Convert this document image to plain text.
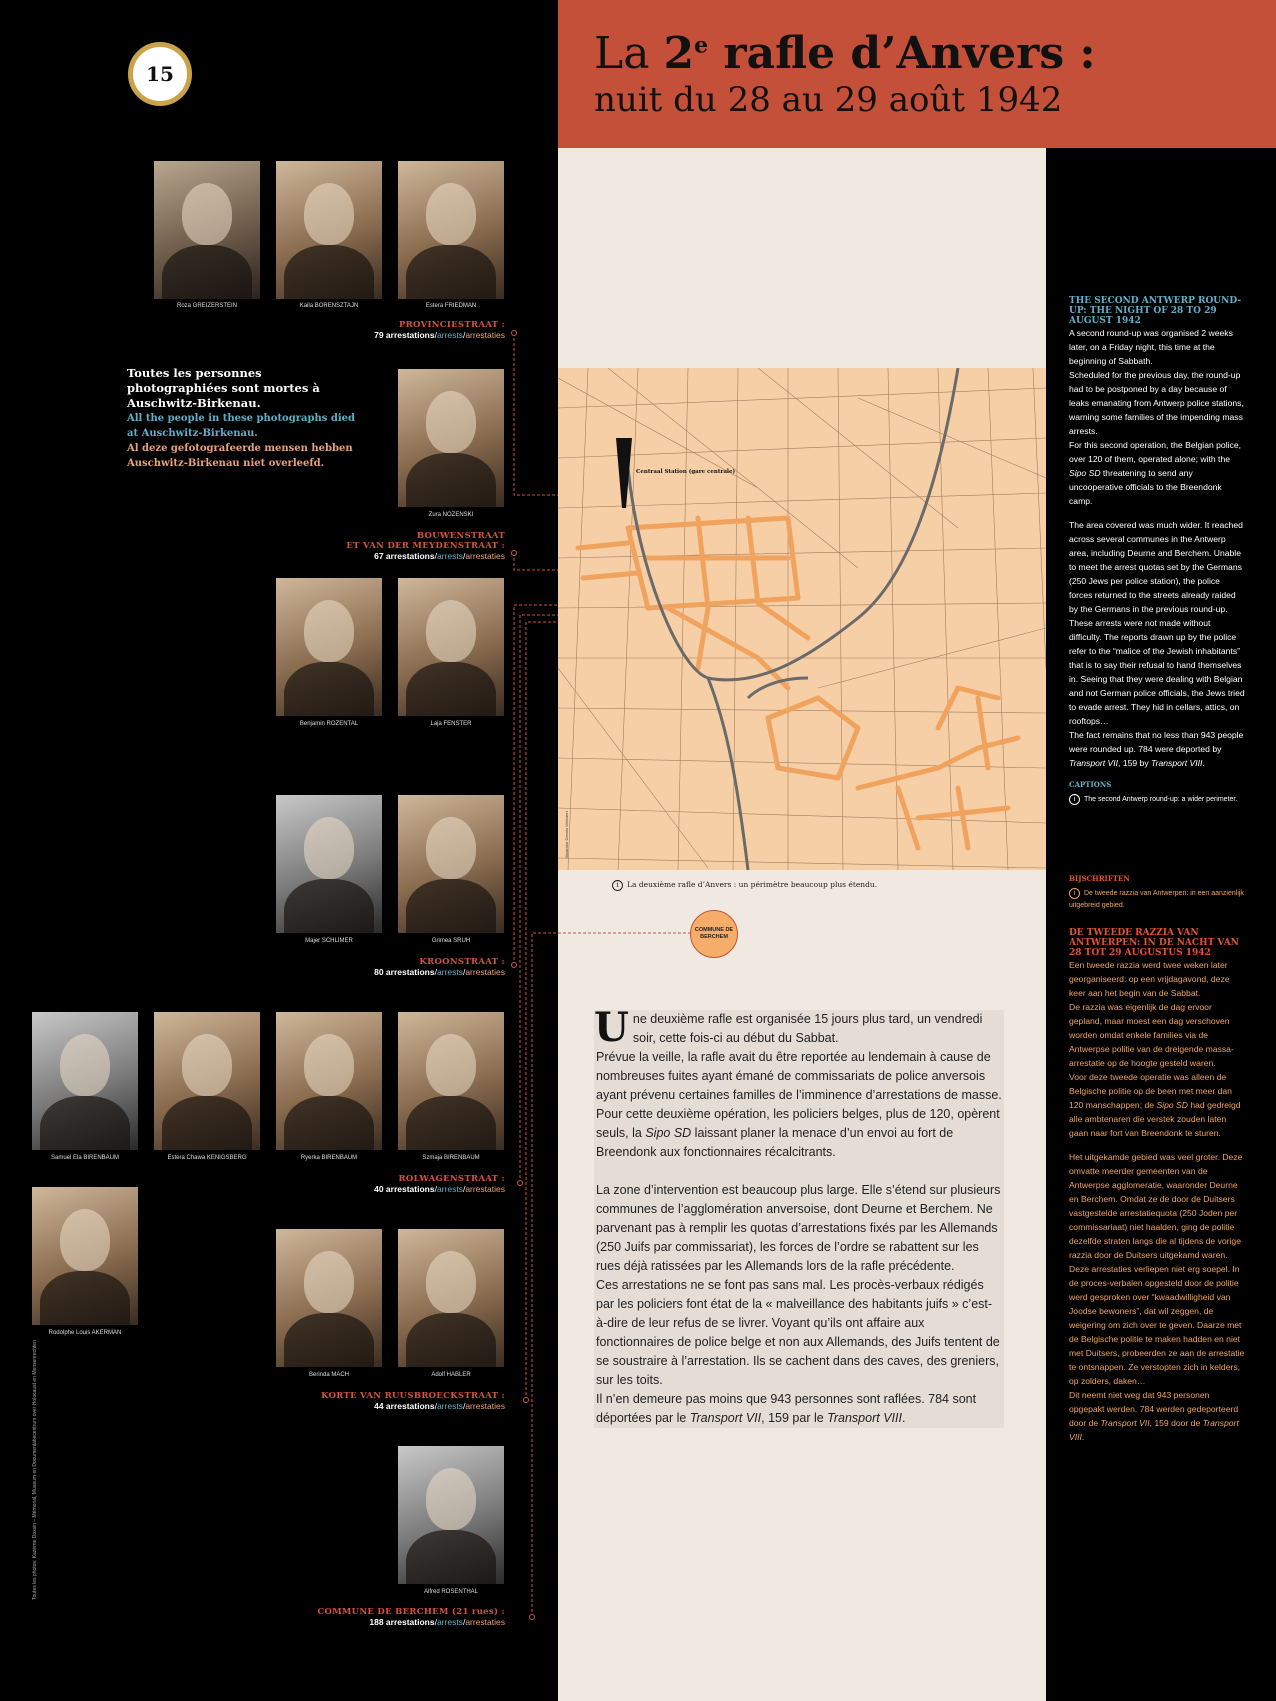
La 2e rafle d’Anvers :
nuit du 28 au 29 août 1942
15
Toutes les personnes photographiées sont mortes à Auschwitz-Birkenau.
All the people in these photographs died at Auschwitz-Birkenau.
Al deze gefotografeerde mensen hebben Auschwitz-Birkenau niet overleefd.
Roza GREIZERSTEIN	Kaila BORENSZTAJN	Estera FRIEDMAN
Zura NOZENSKI
Benjamin ROZENTAL	Laja FENSTER
Majer SCHLIMER	Grimea SRUH
Samuel Ela BIRENBAUM	Estera Chawa KENIGSBERG	Ryerka BIRENBAUM	Szmaja BIRENBAUM
Rodolphe Louis AKERMAN
Berinda MACH	Adolf HABLER
Alfred ROSENTHAL
PROVINCIESTRAAT :
79 arrestations/arrests/arrestaties
BOUWENSTRAAT
ET VAN DER MEYDENSTRAAT :
67 arrestations/arrests/arrestaties
KROONSTRAAT :
80 arrestations/arrests/arrestaties
ROLWAGENSTRAAT :
40 arrestations/arrests/arrestaties
KORTE VAN RUUSBROECKSTRAAT :
44 arrestations/arrests/arrestaties
COMMUNE DE BERCHEM (21 rues) :
188 arrestations/arrests/arrestaties
Centraal Station (gare centrale)
Illustrator Dennis Welvaert
i La deuxième rafle d’Anvers : un périmètre beaucoup plus étendu.
COMMUNE DE BERCHEM
U ne deuxième rafle est organisée 15 jours plus tard, un vendredi soir, cette fois-ci au début du Sabbat.

Prévue la veille, la rafle avait du être reportée au lendemain à cause de nombreuses fuites ayant émané de commissariats de police anversois ayant prévenu certaines familles de l’imminence d’arrestations de masse.

Pour cette deuxième opération, les policiers belges, plus de 120, opèrent seuls, la Sipo SD laissant planer la menace d’un envoi au fort de Breendonk aux fonctionnaires récalcitrants.

La zone d’intervention est beaucoup plus large. Elle s’étend sur plusieurs communes de l’agglomération anversoise, dont Deurne et Berchem. Ne parvenant pas à remplir les quotas d’arrestations fixés par les Allemands (250 Juifs par commissariat), les forces de l’ordre se rabattent sur les rues déjà ratissées par les Allemands lors de la rafle précédente.

Ces arrestations ne se font pas sans mal. Les procès-verbaux rédigés par les policiers font état de la « malveillance des habitants juifs » c’est-à-dire de leur refus de se livrer. Voyant qu’ils ont affaire aux fonctionnaires de police belge et non aux Allemands, des Juifs tentent de se soustraire à l’arrestation. Ils se cachent dans des caves, des greniers, sur les toits.

Il n’en demeure pas moins que 943 personnes sont raflées. 784 sont déportées par le Transport VII, 159 par le Transport VIII.

THE SECOND ANTWERP ROUND-UP: THE NIGHT OF 28 TO 29 AUGUST 1942

A second round-up was organised 2 weeks later, on a Friday night, this time at the beginning of Sabbath.

Scheduled for the previous day, the round-up had to be postponed by a day because of leaks emanating from Antwerp police stations, warning some families of the impending mass arrests.

For this second operation, the Belgian police, over 120 of them, operated alone; with the Sipo SD threatening to send any uncooperative officials to the Breendonk camp.

The area covered was much wider. It reached across several communes in the Antwerp area, including Deurne and Berchem. Unable to meet the arrest quotas set by the Germans (250 Jews per police station), the police forces returned to the streets already raided by the Germans in the previous round-up.

These arrests were not made without difficulty. The reports drawn up by the police refer to the “malice of the Jewish inhabitants” that is to say their refusal to hand themselves in. Seeing that they were dealing with Belgian and not German police officials, the Jews tried to evade arrest. They hid in cellars, attics, on rooftops…

The fact remains that no less than 943 people were rounded up. 784 were deported by Transport VII, 159 by Transport VIII.

CAPTIONS

i The second Antwerp round-up: a wider perimeter.

BIJSCHRIFTEN

i De tweede razzia van Antwerpen: in een aanzienlijk uitgebreid gebied.

DE TWEEDE RAZZIA VAN ANTWERPEN: IN DE NACHT VAN 28 TOT 29 AUGUSTUS 1942

Een tweede razzia werd twee weken later georganiseerd: op een vrijdagavond, deze keer aan het begin van de Sabbat.

De razzia was eigenlijk de dag ervoor gepland, maar moest een dag verschoven worden omdat enkele families via de Antwerpse politie van de dreigende massa-arrestatie op de hoogte gesteld waren.

Voor deze tweede operatie was alleen de Belgische politie op de been met meer dan 120 manschappen; de Sipo SD had gedreigd alle ambtenaren die verstek zouden laten gaan naar fort van Breendonk te sturen.

Het uitgekamde gebied was veel groter. Deze omvatte meerder gemeenten van de Antwerpse agglomeratie, waaronder Deurne en Berchem. Omdat ze de door de Duitsers vastgestelde arrestatiequota (250 Joden per commissariaat) niet haalden, ging de politie dezelfde straten langs die al tijdens de vorige razzia door de Duitsers uitgekamd waren.

Deze arrestaties verliepen niet erg soepel. In de proces-verbalen opgesteld door de politie werd gesproken over “kwaadwilligheid van Joodse bewoners”, dat wil zeggen, de weigering om zich over te geven. Daarze met de Belgische politie te maken hadden en niet met Duitsers, probeerden ze aan de arrestatie te ontsnappen. Ze verstopten zich in kelders, op zolders, daken…

Dit neemt niet weg dat 943 personen opgepakt werden. 784 werden gedeporteerd door de Transport VII, 159 door de Transport VIII.

Toutes les photos: Kazerne Dossin – Mémorial, Museum en Documentatiecentrum over Holocaust en Mensenrechten
